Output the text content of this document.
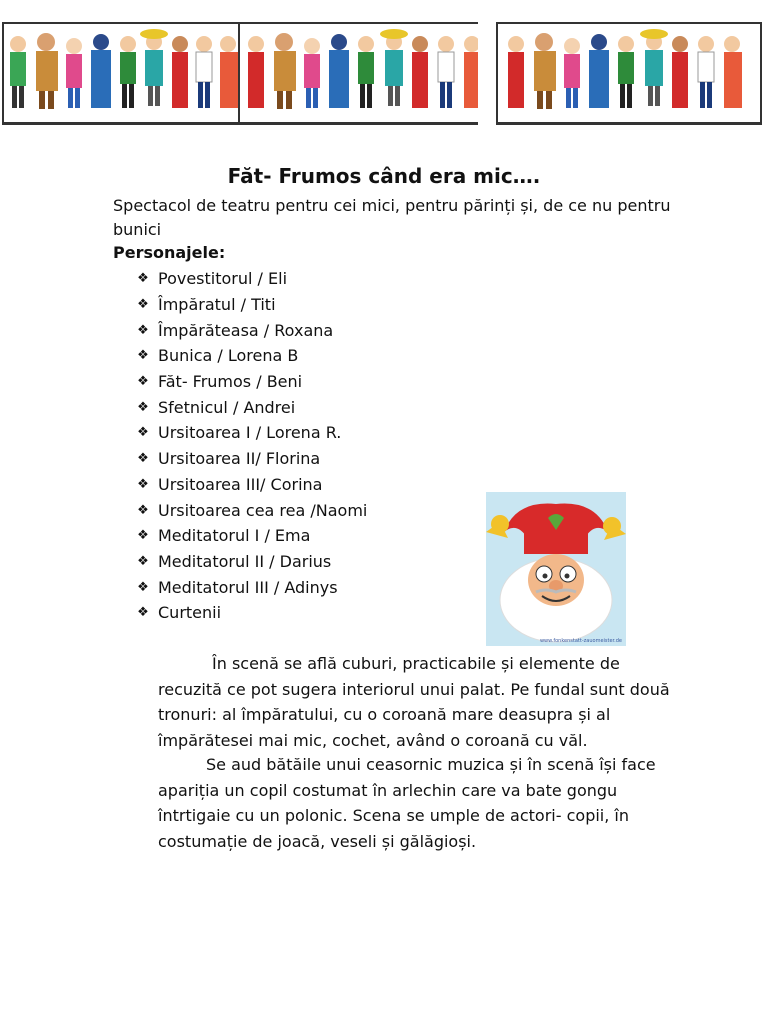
Făt- Frumos când era mic….
Spectacol de teatru pentru cei mici, pentru părinți și, de ce nu pentru bunici
Personajele:
❖ Povestitorul / Eli
❖ Împăratul / Titi
❖ Împărăteasa / Roxana
❖ Bunica / Lorena B
❖ Făt- Frumos / Beni
❖ Sfetnicul / Andrei
❖ Ursitoarea I / Lorena R.
❖ Ursitoarea II/ Florina
❖ Ursitoarea III/ Corina
❖ Ursitoarea cea rea /Naomi
❖ Meditatorul I / Ema
❖ Meditatorul II / Darius
❖ Meditatorul III / Adinys
❖ Curtenii
www.fonkenstatt-zauomeister.de
În scenă se află cuburi, practicabile și elemente de
recuzită ce pot sugera interiorul unui palat. Pe fundal sunt două
tronuri: al împăratului, cu o coroană mare deasupra și al
împărătesei mai mic, cochet, având o coroană cu văl.
Se aud bătăile unui ceasornic muzica și în scenă își face
apariția un copil costumat în arlechin care va bate gongu
întrtigaie cu un polonic. Scena se umple de actori- copii, în
costumație de joacă, veseli și gălăgioși.
